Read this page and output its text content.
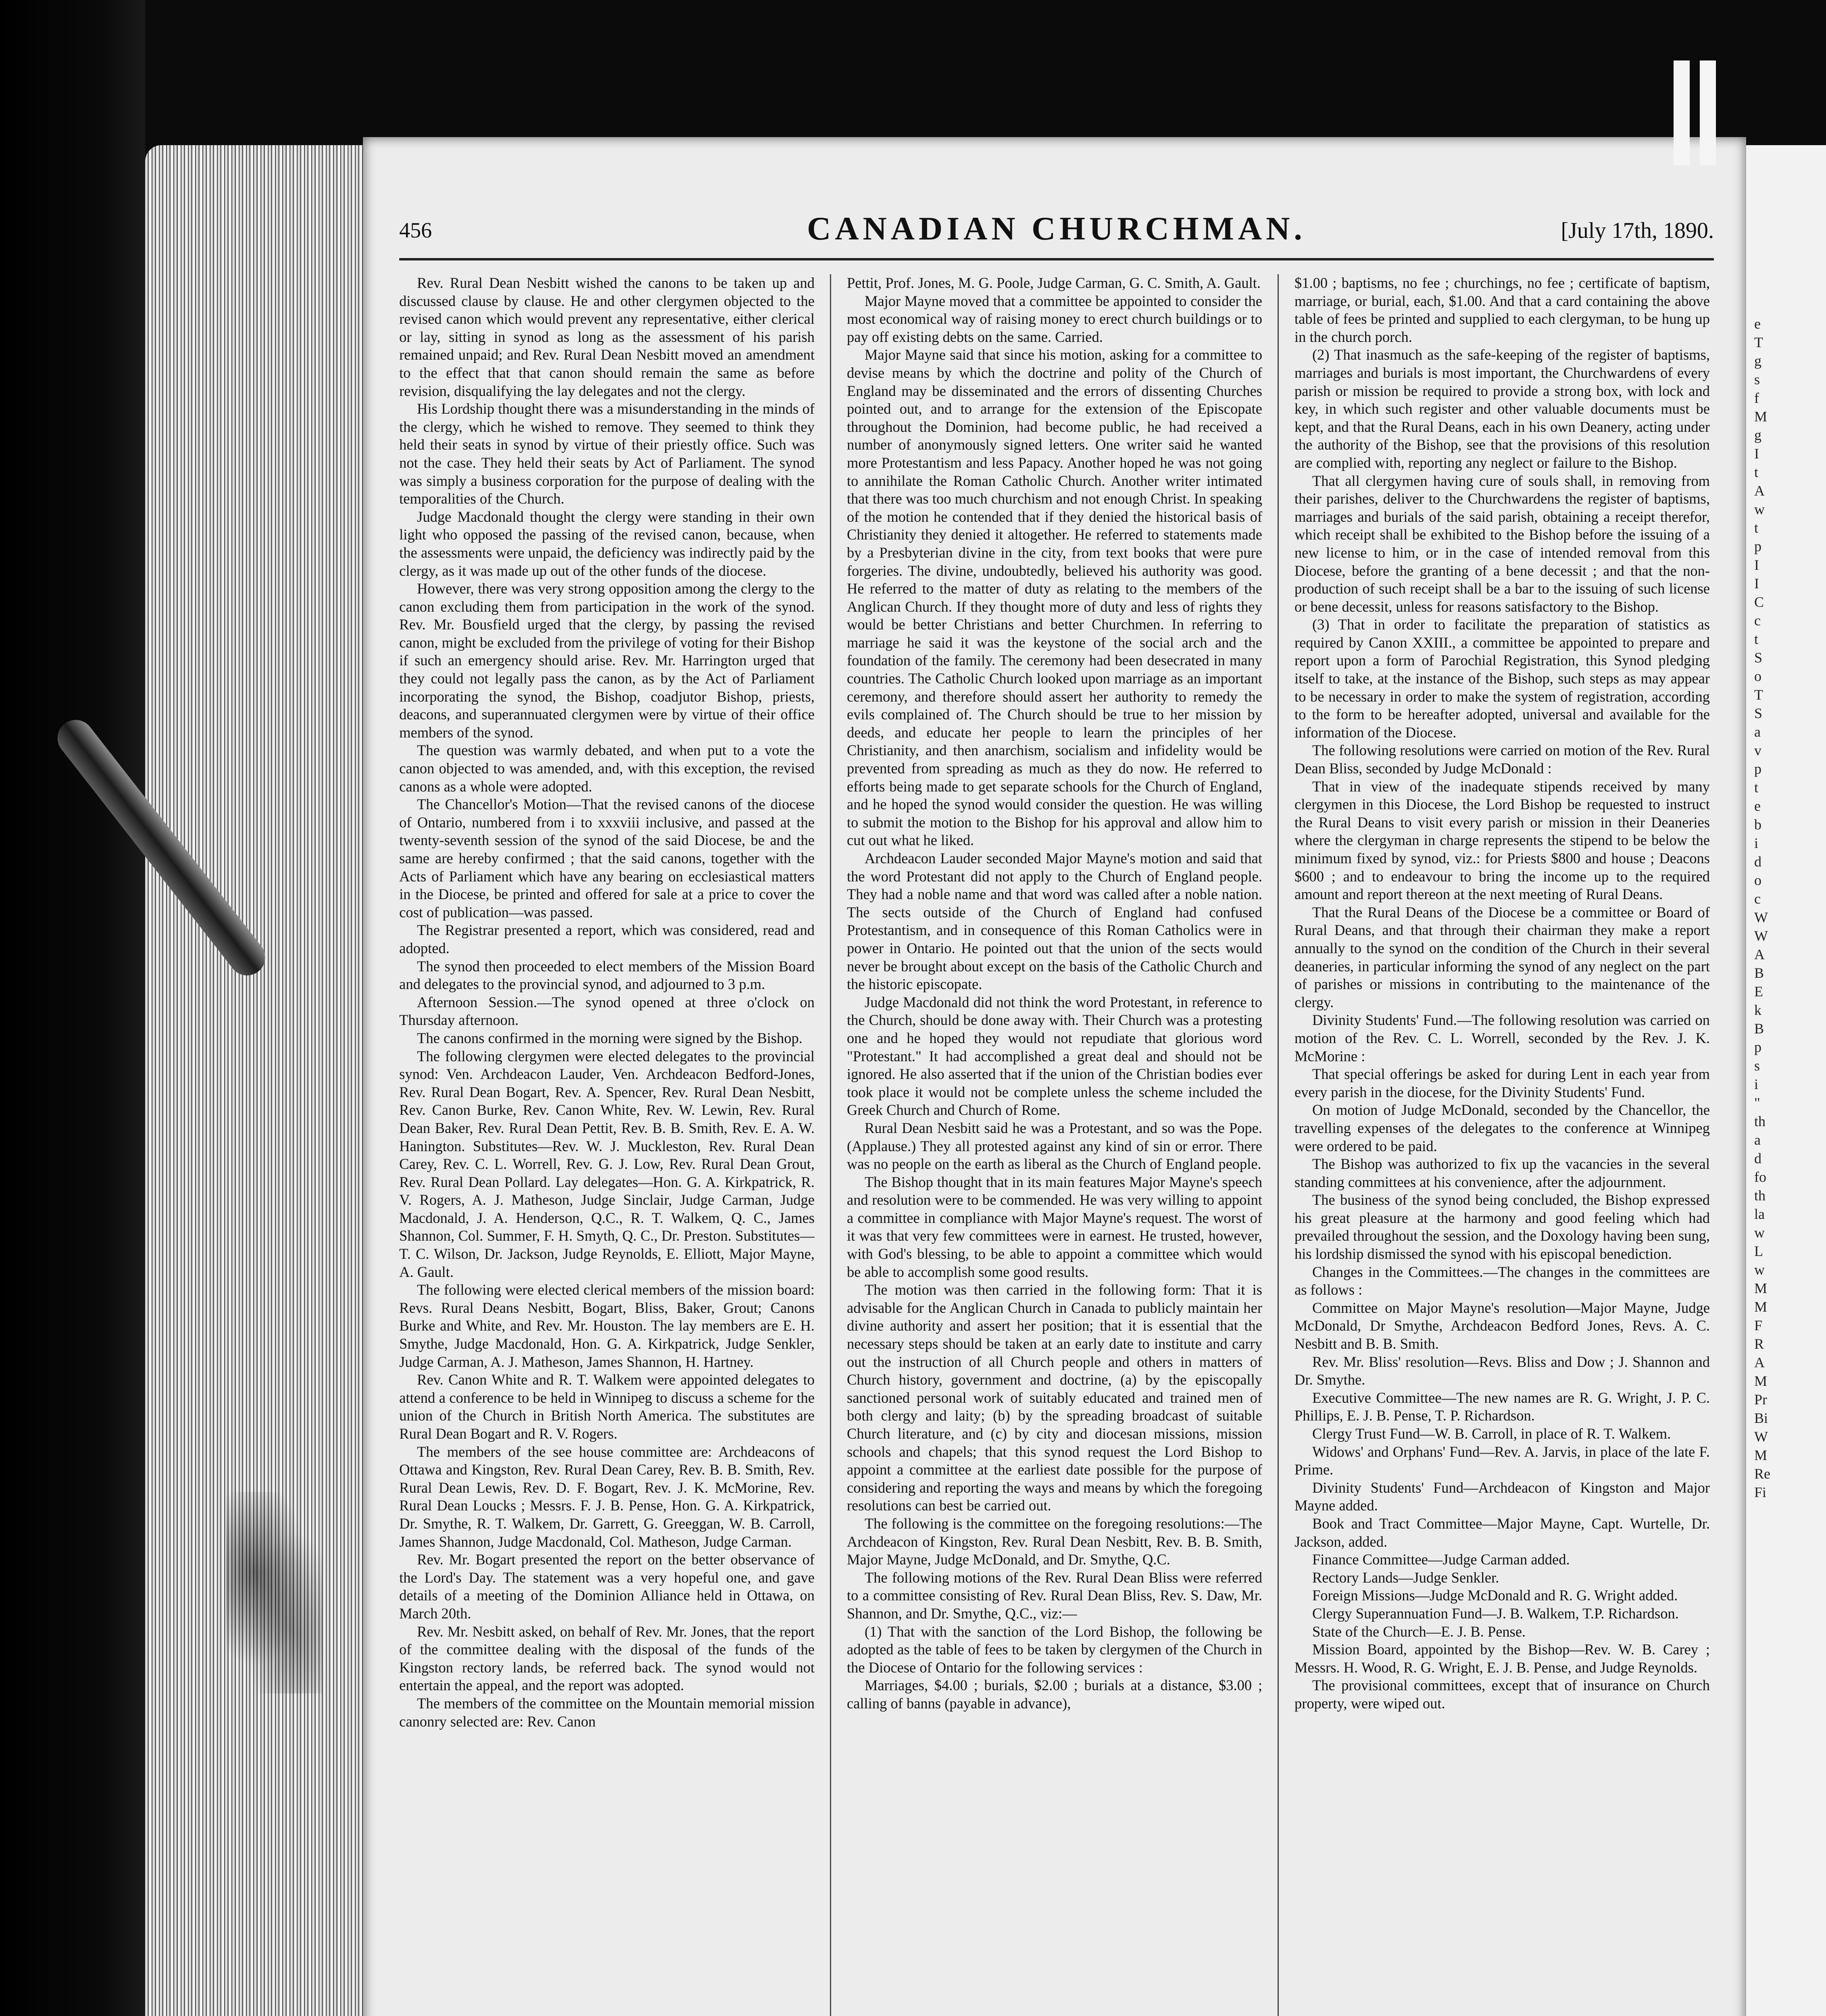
456	CANADIAN CHURCHMAN.	[July 17th, 1890.

Rev. Rural Dean Nesbitt wished the canons to be taken up and discussed clause by clause. He and other clergymen objected to the revised canon which would prevent any representative, either clerical or lay, sitting in synod as long as the assessment of his parish remained unpaid; and Rev. Rural Dean Nesbitt moved an amendment to the effect that that canon should remain the same as before revision, disqualifying the lay delegates and not the clergy.

His Lordship thought there was a misunderstanding in the minds of the clergy, which he wished to remove. They seemed to think they held their seats in synod by virtue of their priestly office. Such was not the case. They held their seats by Act of Parliament. The synod was simply a business corporation for the purpose of dealing with the temporalities of the Church.

Judge Macdonald thought the clergy were standing in their own light who opposed the passing of the revised canon, because, when the assessments were unpaid, the deficiency was indirectly paid by the clergy, as it was made up out of the other funds of the diocese.

However, there was very strong opposition among the clergy to the canon excluding them from participation in the work of the synod. Rev. Mr. Bousfield urged that the clergy, by passing the revised canon, might be excluded from the privilege of voting for their Bishop if such an emergency should arise. Rev. Mr. Harrington urged that they could not legally pass the canon, as by the Act of Parliament incorporating the synod, the Bishop, coadjutor Bishop, priests, deacons, and superannuated clergymen were by virtue of their office members of the synod.

The question was warmly debated, and when put to a vote the canon objected to was amended, and, with this exception, the revised canons as a whole were adopted.

The Chancellor's Motion—That the revised canons of the diocese of Ontario, numbered from i to xxxviii inclusive, and passed at the twenty-seventh session of the synod of the said Diocese, be and the same are hereby confirmed ; that the said canons, together with the Acts of Parliament which have any bearing on ecclesiastical matters in the Diocese, be printed and offered for sale at a price to cover the cost of publication—was passed.

The Registrar presented a report, which was considered, read and adopted.

The synod then proceeded to elect members of the Mission Board and delegates to the provincial synod, and adjourned to 3 p.m.

Afternoon Session.—The synod opened at three o'clock on Thursday afternoon.

The canons confirmed in the morning were signed by the Bishop.

The following clergymen were elected delegates to the provincial synod: Ven. Archdeacon Lauder, Ven. Archdeacon Bedford-Jones, Rev. Rural Dean Bogart, Rev. A. Spencer, Rev. Rural Dean Nesbitt, Rev. Canon Burke, Rev. Canon White, Rev. W. Lewin, Rev. Rural Dean Baker, Rev. Rural Dean Pettit, Rev. B. B. Smith, Rev. E. A. W. Hanington. Substitutes—Rev. W. J. Muckleston, Rev. Rural Dean Carey, Rev. C. L. Worrell, Rev. G. J. Low, Rev. Rural Dean Grout, Rev. Rural Dean Pollard. Lay delegates—Hon. G. A. Kirkpatrick, R. V. Rogers, A. J. Matheson, Judge Sinclair, Judge Carman, Judge Macdonald, J. A. Henderson, Q.C., R. T. Walkem, Q. C., James Shannon, Col. Summer, F. H. Smyth, Q. C., Dr. Preston. Substitutes—T. C. Wilson, Dr. Jackson, Judge Reynolds, E. Elliott, Major Mayne, A. Gault.

The following were elected clerical members of the mission board: Revs. Rural Deans Nesbitt, Bogart, Bliss, Baker, Grout; Canons Burke and White, and Rev. Mr. Houston. The lay members are E. H. Smythe, Judge Macdonald, Hon. G. A. Kirkpatrick, Judge Senkler, Judge Carman, A. J. Matheson, James Shannon, H. Hartney.

Rev. Canon White and R. T. Walkem were appointed delegates to attend a conference to be held in Winnipeg to discuss a scheme for the union of the Church in British North America. The substitutes are Rural Dean Bogart and R. V. Rogers.

The members of the see house committee are: Archdeacons of Ottawa and Kingston, Rev. Rural Dean Carey, Rev. B. B. Smith, Rev. Rural Dean Lewis, Rev. D. F. Bogart, Rev. J. K. McMorine, Rev. Rural Dean Loucks ; Messrs. F. J. B. Pense, Hon. G. A. Kirkpatrick, Dr. Smythe, R. T. Walkem, Dr. Garrett, G. Greeggan, W. B. Carroll, James Shannon, Judge Macdonald, Col. Matheson, Judge Carman.

Rev. Mr. Bogart presented the report on the better observance of the Lord's Day. The statement was a very hopeful one, and gave details of a meeting of the Dominion Alliance held in Ottawa, on March 20th.

Rev. Mr. Nesbitt asked, on behalf of Rev. Mr. Jones, that the report of the committee dealing with the disposal of the funds of the Kingston rectory lands, be referred back. The synod would not entertain the appeal, and the report was adopted.

The members of the committee on the Mountain memorial mission canonry selected are: Rev. Canon

Pettit, Prof. Jones, M. G. Poole, Judge Carman, G. C. Smith, A. Gault.

Major Mayne moved that a committee be appointed to consider the most economical way of raising money to erect church buildings or to pay off existing debts on the same. Carried.

Major Mayne said that since his motion, asking for a committee to devise means by which the doctrine and polity of the Church of England may be disseminated and the errors of dissenting Churches pointed out, and to arrange for the extension of the Episcopate throughout the Dominion, had become public, he had received a number of anonymously signed letters. One writer said he wanted more Protestantism and less Papacy. Another hoped he was not going to annihilate the Roman Catholic Church. Another writer intimated that there was too much churchism and not enough Christ. In speaking of the motion he contended that if they denied the historical basis of Christianity they denied it altogether. He referred to statements made by a Presbyterian divine in the city, from text books that were pure forgeries. The divine, undoubtedly, believed his authority was good. He referred to the matter of duty as relating to the members of the Anglican Church. If they thought more of duty and less of rights they would be better Christians and better Churchmen. In referring to marriage he said it was the keystone of the social arch and the foundation of the family. The ceremony had been desecrated in many countries. The Catholic Church looked upon marriage as an important ceremony, and therefore should assert her authority to remedy the evils complained of. The Church should be true to her mission by deeds, and educate her people to learn the principles of her Christianity, and then anarchism, socialism and infidelity would be prevented from spreading as much as they do now. He referred to efforts being made to get separate schools for the Church of England, and he hoped the synod would consider the question. He was willing to submit the motion to the Bishop for his approval and allow him to cut out what he liked.

Archdeacon Lauder seconded Major Mayne's motion and said that the word Protestant did not apply to the Church of England people. They had a noble name and that word was called after a noble nation. The sects outside of the Church of England had confused Protestantism, and in consequence of this Roman Catholics were in power in Ontario. He pointed out that the union of the sects would never be brought about except on the basis of the Catholic Church and the historic episcopate.

Judge Macdonald did not think the word Protestant, in reference to the Church, should be done away with. Their Church was a protesting one and he hoped they would not repudiate that glorious word "Protestant." It had accomplished a great deal and should not be ignored. He also asserted that if the union of the Christian bodies ever took place it would not be complete unless the scheme included the Greek Church and Church of Rome.

Rural Dean Nesbitt said he was a Protestant, and so was the Pope. (Applause.) They all protested against any kind of sin or error. There was no people on the earth as liberal as the Church of England people.

The Bishop thought that in its main features Major Mayne's speech and resolution were to be commended. He was very willing to appoint a committee in compliance with Major Mayne's request. The worst of it was that very few committees were in earnest. He trusted, however, with God's blessing, to be able to appoint a committee which would be able to accomplish some good results.

The motion was then carried in the following form: That it is advisable for the Anglican Church in Canada to publicly maintain her divine authority and assert her position; that it is essential that the necessary steps should be taken at an early date to institute and carry out the instruction of all Church people and others in matters of Church history, government and doctrine, (a) by the episcopally sanctioned personal work of suitably educated and trained men of both clergy and laity; (b) by the spreading broadcast of suitable Church literature, and (c) by city and diocesan missions, mission schools and chapels; that this synod request the Lord Bishop to appoint a committee at the earliest date possible for the purpose of considering and reporting the ways and means by which the foregoing resolutions can best be carried out.

The following is the committee on the foregoing resolutions:—The Archdeacon of Kingston, Rev. Rural Dean Nesbitt, Rev. B. B. Smith, Major Mayne, Judge McDonald, and Dr. Smythe, Q.C.

The following motions of the Rev. Rural Dean Bliss were referred to a committee consisting of Rev. Rural Dean Bliss, Rev. S. Daw, Mr. Shannon, and Dr. Smythe, Q.C., viz:—

(1) That with the sanction of the Lord Bishop, the following be adopted as the table of fees to be taken by clergymen of the Church in the Diocese of Ontario for the following services :

Marriages, $4.00 ; burials, $2.00 ; burials at a distance, $3.00 ; calling of banns (payable in advance),

$1.00 ; baptisms, no fee ; churchings, no fee ; certificate of baptism, marriage, or burial, each, $1.00. And that a card containing the above table of fees be printed and supplied to each clergyman, to be hung up in the church porch.

(2) That inasmuch as the safe-keeping of the register of baptisms, marriages and burials is most important, the Churchwardens of every parish or mission be required to provide a strong box, with lock and key, in which such register and other valuable documents must be kept, and that the Rural Deans, each in his own Deanery, acting under the authority of the Bishop, see that the provisions of this resolution are complied with, reporting any neglect or failure to the Bishop.

That all clergymen having cure of souls shall, in removing from their parishes, deliver to the Churchwardens the register of baptisms, marriages and burials of the said parish, obtaining a receipt therefor, which receipt shall be exhibited to the Bishop before the issuing of a new license to him, or in the case of intended removal from this Diocese, before the granting of a bene decessit ; and that the non-production of such receipt shall be a bar to the issuing of such license or bene decessit, unless for reasons satisfactory to the Bishop.

(3) That in order to facilitate the preparation of statistics as required by Canon XXIII., a committee be appointed to prepare and report upon a form of Parochial Registration, this Synod pledging itself to take, at the instance of the Bishop, such steps as may appear to be necessary in order to make the system of registration, according to the form to be hereafter adopted, universal and available for the information of the Diocese.

The following resolutions were carried on motion of the Rev. Rural Dean Bliss, seconded by Judge McDonald :

That in view of the inadequate stipends received by many clergymen in this Diocese, the Lord Bishop be requested to instruct the Rural Deans to visit every parish or mission in their Deaneries where the clergyman in charge represents the stipend to be below the minimum fixed by synod, viz.: for Priests $800 and house ; Deacons $600 ; and to endeavour to bring the income up to the required amount and report thereon at the next meeting of Rural Deans.

That the Rural Deans of the Diocese be a committee or Board of Rural Deans, and that through their chairman they make a report annually to the synod on the condition of the Church in their several deaneries, in particular informing the synod of any neglect on the part of parishes or missions in contributing to the maintenance of the clergy.

Divinity Students' Fund.—The following resolution was carried on motion of the Rev. C. L. Worrell, seconded by the Rev. J. K. McMorine :

That special offerings be asked for during Lent in each year from every parish in the diocese, for the Divinity Students' Fund.

On motion of Judge McDonald, seconded by the Chancellor, the travelling expenses of the delegates to the conference at Winnipeg were ordered to be paid.

The Bishop was authorized to fix up the vacancies in the several standing committees at his convenience, after the adjournment.

The business of the synod being concluded, the Bishop expressed his great pleasure at the harmony and good feeling which had prevailed throughout the session, and the Doxology having been sung, his lordship dismissed the synod with his episcopal benediction.

Changes in the Committees.—The changes in the committees are as follows :

Committee on Major Mayne's resolution—Major Mayne, Judge McDonald, Dr Smythe, Archdeacon Bedford Jones, Revs. A. C. Nesbitt and B. B. Smith.

Rev. Mr. Bliss' resolution—Revs. Bliss and Dow ; J. Shannon and Dr. Smythe.

Executive Committee—The new names are R. G. Wright, J. P. C. Phillips, E. J. B. Pense, T. P. Richardson.

Clergy Trust Fund—W. B. Carroll, in place of R. T. Walkem.

Widows' and Orphans' Fund—Rev. A. Jarvis, in place of the late F. Prime.

Divinity Students' Fund—Archdeacon of Kingston and Major Mayne added.

Book and Tract Committee—Major Mayne, Capt. Wurtelle, Dr. Jackson, added.

Finance Committee—Judge Carman added.

Rectory Lands—Judge Senkler.

Foreign Missions—Judge McDonald and R. G. Wright added.

Clergy Superannuation Fund—J. B. Walkem, T.P. Richardson.

State of the Church—E. J. B. Pense.

Mission Board, appointed by the Bishop—Rev. W. B. Carey ; Messrs. H. Wood, R. G. Wright, E. J. B. Pense, and Judge Reynolds.

The provisional committees, except that of insurance on Church property, were wiped out.

e
T
g
s
f
M
g
I
t
A
w
t
p
I
I
C
c
t
S
o
T
S
a
v
p
t
e
b
i
d
o
c
W
W
A
B
E
k
B
p
s
i
"
th
a
d
fo
th
la
w
L
w
M
M
F
R
A
M
Pr
Bi
W
M
Re
Fi
